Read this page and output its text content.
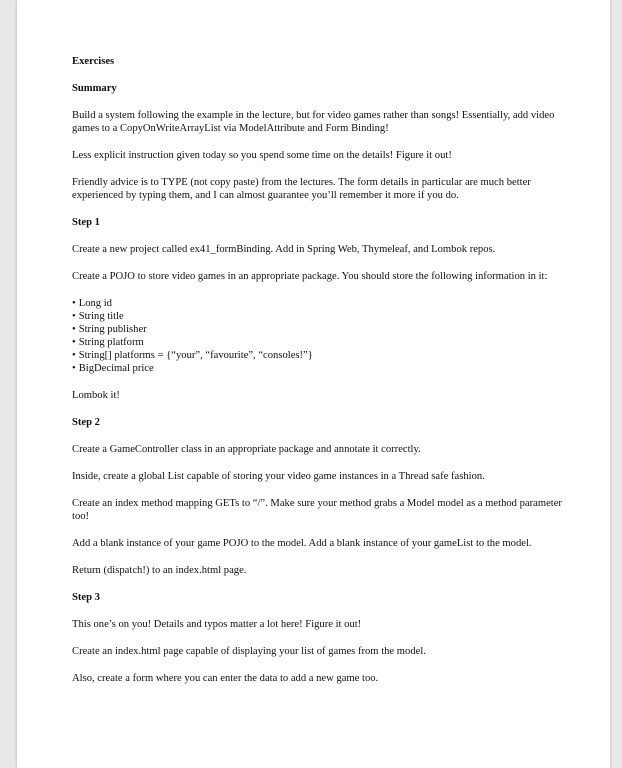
Exercises
Summary
Build a system following the example in the lecture, but for video games rather than songs! Essentially, add video games to a CopyOnWriteArrayList via ModelAttribute and Form Binding!
Less explicit instruction given today so you spend some time on the details! Figure it out!
Friendly advice is to TYPE (not copy paste) from the lectures. The form details in particular are much better experienced by typing them, and I can almost guarantee you’ll remember it more if you do.
Step 1
Create a new project called ex41_formBinding. Add in Spring Web, Thymeleaf, and Lombok repos.
Create a POJO to store video games in an appropriate package. You should store the following information in it:
• Long id
• String title
• String publisher
• String platform
• String[] platforms = {“your”, “favourite”, “consoles!”}
• BigDecimal price
Lombok it!
Step 2
Create a GameController class in an appropriate package and annotate it correctly.
Inside, create a global List capable of storing your video game instances in a Thread safe fashion.
Create an index method mapping GETs to “/”. Make sure your method grabs a Model model as a method parameter too!
Add a blank instance of your game POJO to the model. Add a blank instance of your gameList to the model.
Return (dispatch!) to an index.html page.
Step 3
This one’s on you! Details and typos matter a lot here! Figure it out!
Create an index.html page capable of displaying your list of games from the model.
Also, create a form where you can enter the data to add a new game too.
